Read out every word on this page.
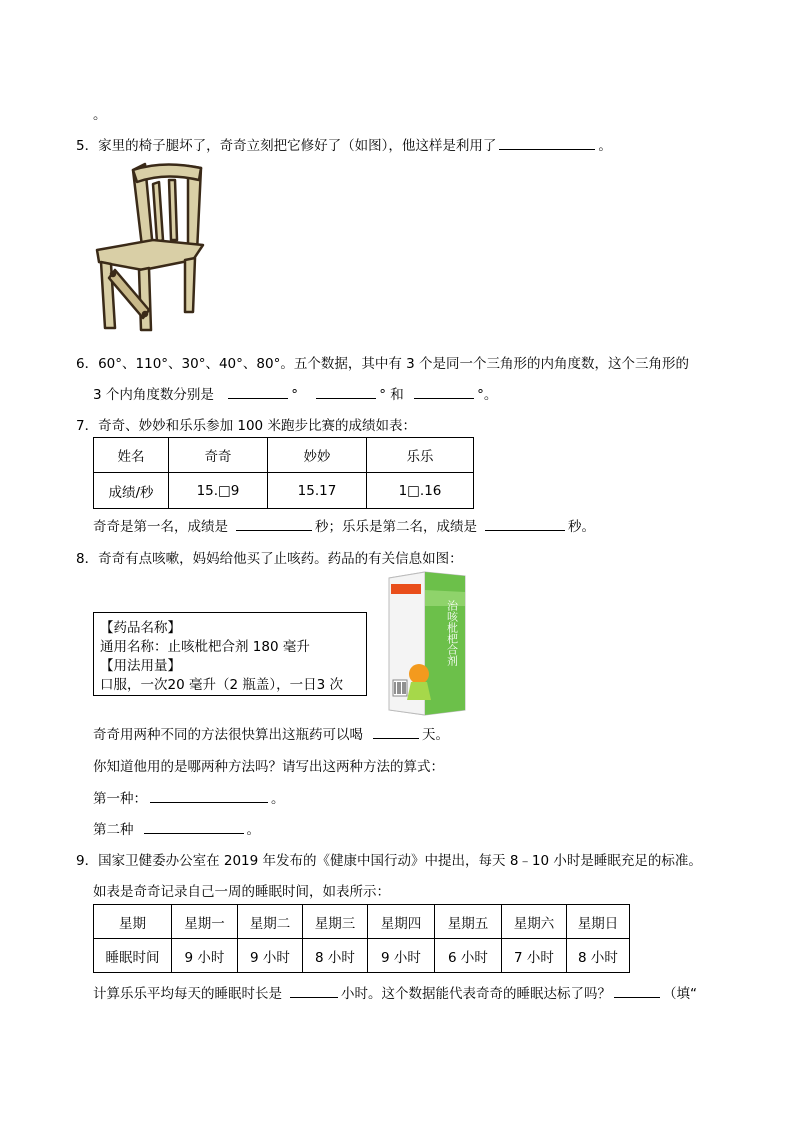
。
5．家里的椅子腿坏了，奇奇立刻把它修好了（如图），他这样是利用了	。
6．60°、110°、30°、40°、80°。五个数据，其中有 3 个是同一个三角形的内角度数，这个三角形的
3 个内角度数分别是	°	° 和	°。
7．奇奇、妙妙和乐乐参加 100 米跑步比赛的成绩如表：
姓名	奇奇	妙妙	乐乐
成绩/秒	15.□9	15.17	1□.16
奇奇是第一名，成绩是	秒；乐乐是第二名，成绩是	秒。
8．奇奇有点咳嗽，妈妈给他买了止咳药。药品的有关信息如图：
【药品名称】
通用名称：止咳枇杷合剂 180 毫升
【用法用量】
口服，一次20 毫升（2 瓶盖），一日3 次
治咳枇杷合剂
奇奇用两种不同的方法很快算出这瓶药可以喝	天。
你知道他用的是哪两种方法吗？请写出这两种方法的算式：
第一种：	。
第二种	。
9．国家卫健委办公室在 2019 年发布的《健康中国行动》中提出，每天 8﹣10 小时是睡眠充足的标准。
如表是奇奇记录自己一周的睡眠时间，如表所示：
星期	星期一	星期二	星期三	星期四	星期五	星期六	星期日
睡眠时间	9 小时	9 小时	8 小时	9 小时	6 小时	7 小时	8 小时
计算乐乐平均每天的睡眠时长是	小时。这个数据能代表奇奇的睡眠达标了吗？	（填“
